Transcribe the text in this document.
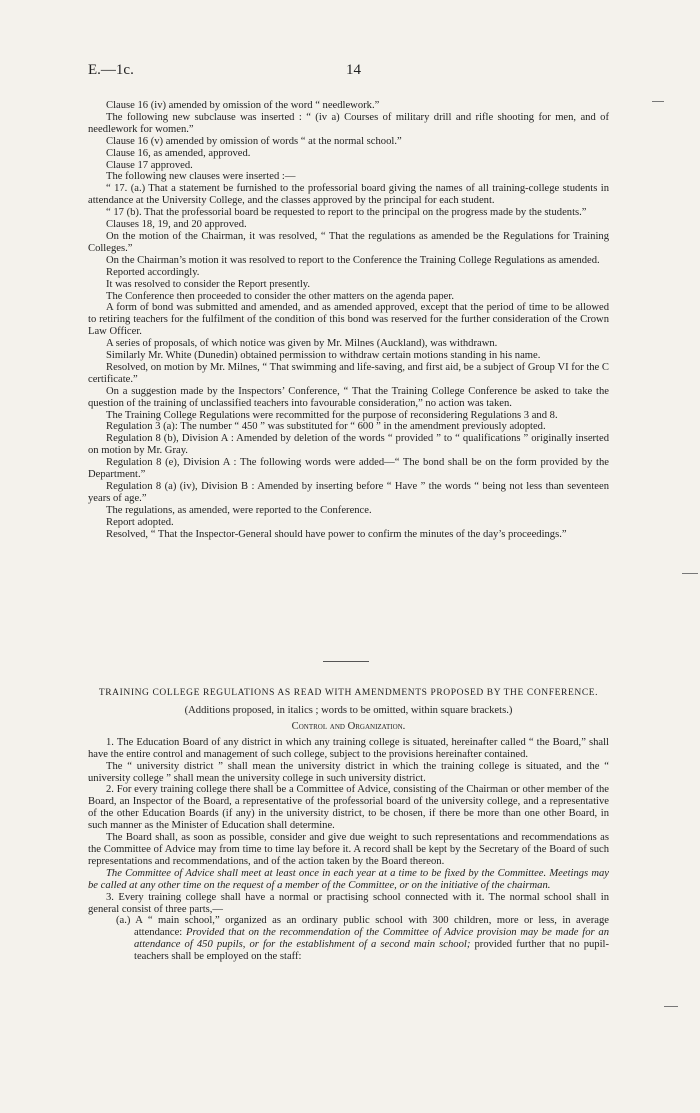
E.—1c.	14

Clause 16 (iv) amended by omission of the word “ needlework.”

The following new subclause was inserted : “ (iv a) Courses of military drill and rifle shooting for men, and of needlework for women.”

Clause 16 (v) amended by omission of words “ at the normal school.”

Clause 16, as amended, approved.

Clause 17 approved.

The following new clauses were inserted :—

“ 17. (a.) That a statement be furnished to the professorial board giving the names of all training-college students in attendance at the University College, and the classes approved by the principal for each student.

“ 17 (b). That the professorial board be requested to report to the principal on the progress made by the students.”

Clauses 18, 19, and 20 approved.

On the motion of the Chairman, it was resolved, “ That the regulations as amended be the Regulations for Training Colleges.”

On the Chairman’s motion it was resolved to report to the Conference the Training College Regulations as amended.

Reported accordingly.

It was resolved to consider the Report presently.

The Conference then proceeded to consider the other matters on the agenda paper.

A form of bond was submitted and amended, and as amended approved, except that the period of time to be allowed to retiring teachers for the fulfilment of the condition of this bond was reserved for the further consideration of the Crown Law Officer.

A series of proposals, of which notice was given by Mr. Milnes (Auckland), was withdrawn.

Similarly Mr. White (Dunedin) obtained permission to withdraw certain motions standing in his name.

Resolved, on motion by Mr. Milnes, “ That swimming and life-saving, and first aid, be a subject of Group VI for the C certificate.”

On a suggestion made by the Inspectors’ Conference, “ That the Training College Conference be asked to take the question of the training of unclassified teachers into favourable consideration,” no action was taken.

The Training College Regulations were recommitted for the purpose of reconsidering Regulations 3 and 8.

Regulation 3 (a): The number “ 450 ” was substituted for “ 600 ” in the amendment previously adopted.

Regulation 8 (b), Division A : Amended by deletion of the words “ provided ” to “ qualifications ” originally inserted on motion by Mr. Gray.

Regulation 8 (e), Division A : The following words were added—“ The bond shall be on the form provided by the Department.”

Regulation 8 (a) (iv), Division B : Amended by inserting before “ Have ” the words “ being not less than seventeen years of age.”

The regulations, as amended, were reported to the Conference.

Report adopted.

Resolved, “ That the Inspector-General should have power to confirm the minutes of the day’s proceedings.”

TRAINING COLLEGE REGULATIONS AS READ WITH AMENDMENTS PROPOSED BY THE CONFERENCE.

(Additions proposed, in italics ; words to be omitted, within square brackets.)

Control and Organization.

1. The Education Board of any district in which any training college is situated, hereinafter called “ the Board,” shall have the entire control and management of such college, subject to the provisions hereinafter contained.

The “ university district ” shall mean the university district in which the training college is situated, and the “ university college ” shall mean the university college in such university district.

2. For every training college there shall be a Committee of Advice, consisting of the Chairman or other member of the Board, an Inspector of the Board, a representative of the professorial board of the university college, and a representative of the other Education Boards (if any) in the university district, to be chosen, if there be more than one other Board, in such manner as the Minister of Education shall determine.

The Board shall, as soon as possible, consider and give due weight to such representations and recommendations as the Committee of Advice may from time to time lay before it. A record shall be kept by the Secretary of the Board of such representations and recommendations, and of the action taken by the Board thereon.

The Committee of Advice shall meet at least once in each year at a time to be fixed by the Committee. Meetings may be called at any other time on the request of a member of the Committee, or on the initiative of the chairman.

3. Every training college shall have a normal or practising school connected with it. The normal school shall in general consist of three parts,—

(a.) A “ main school,” organized as an ordinary public school with 300 children, more or less, in average attendance: Provided that on the recommendation of the Committee of Advice provision may be made for an attendance of 450 pupils, or for the establishment of a second main school; provided further that no pupil-teachers shall be employed on the staff:
